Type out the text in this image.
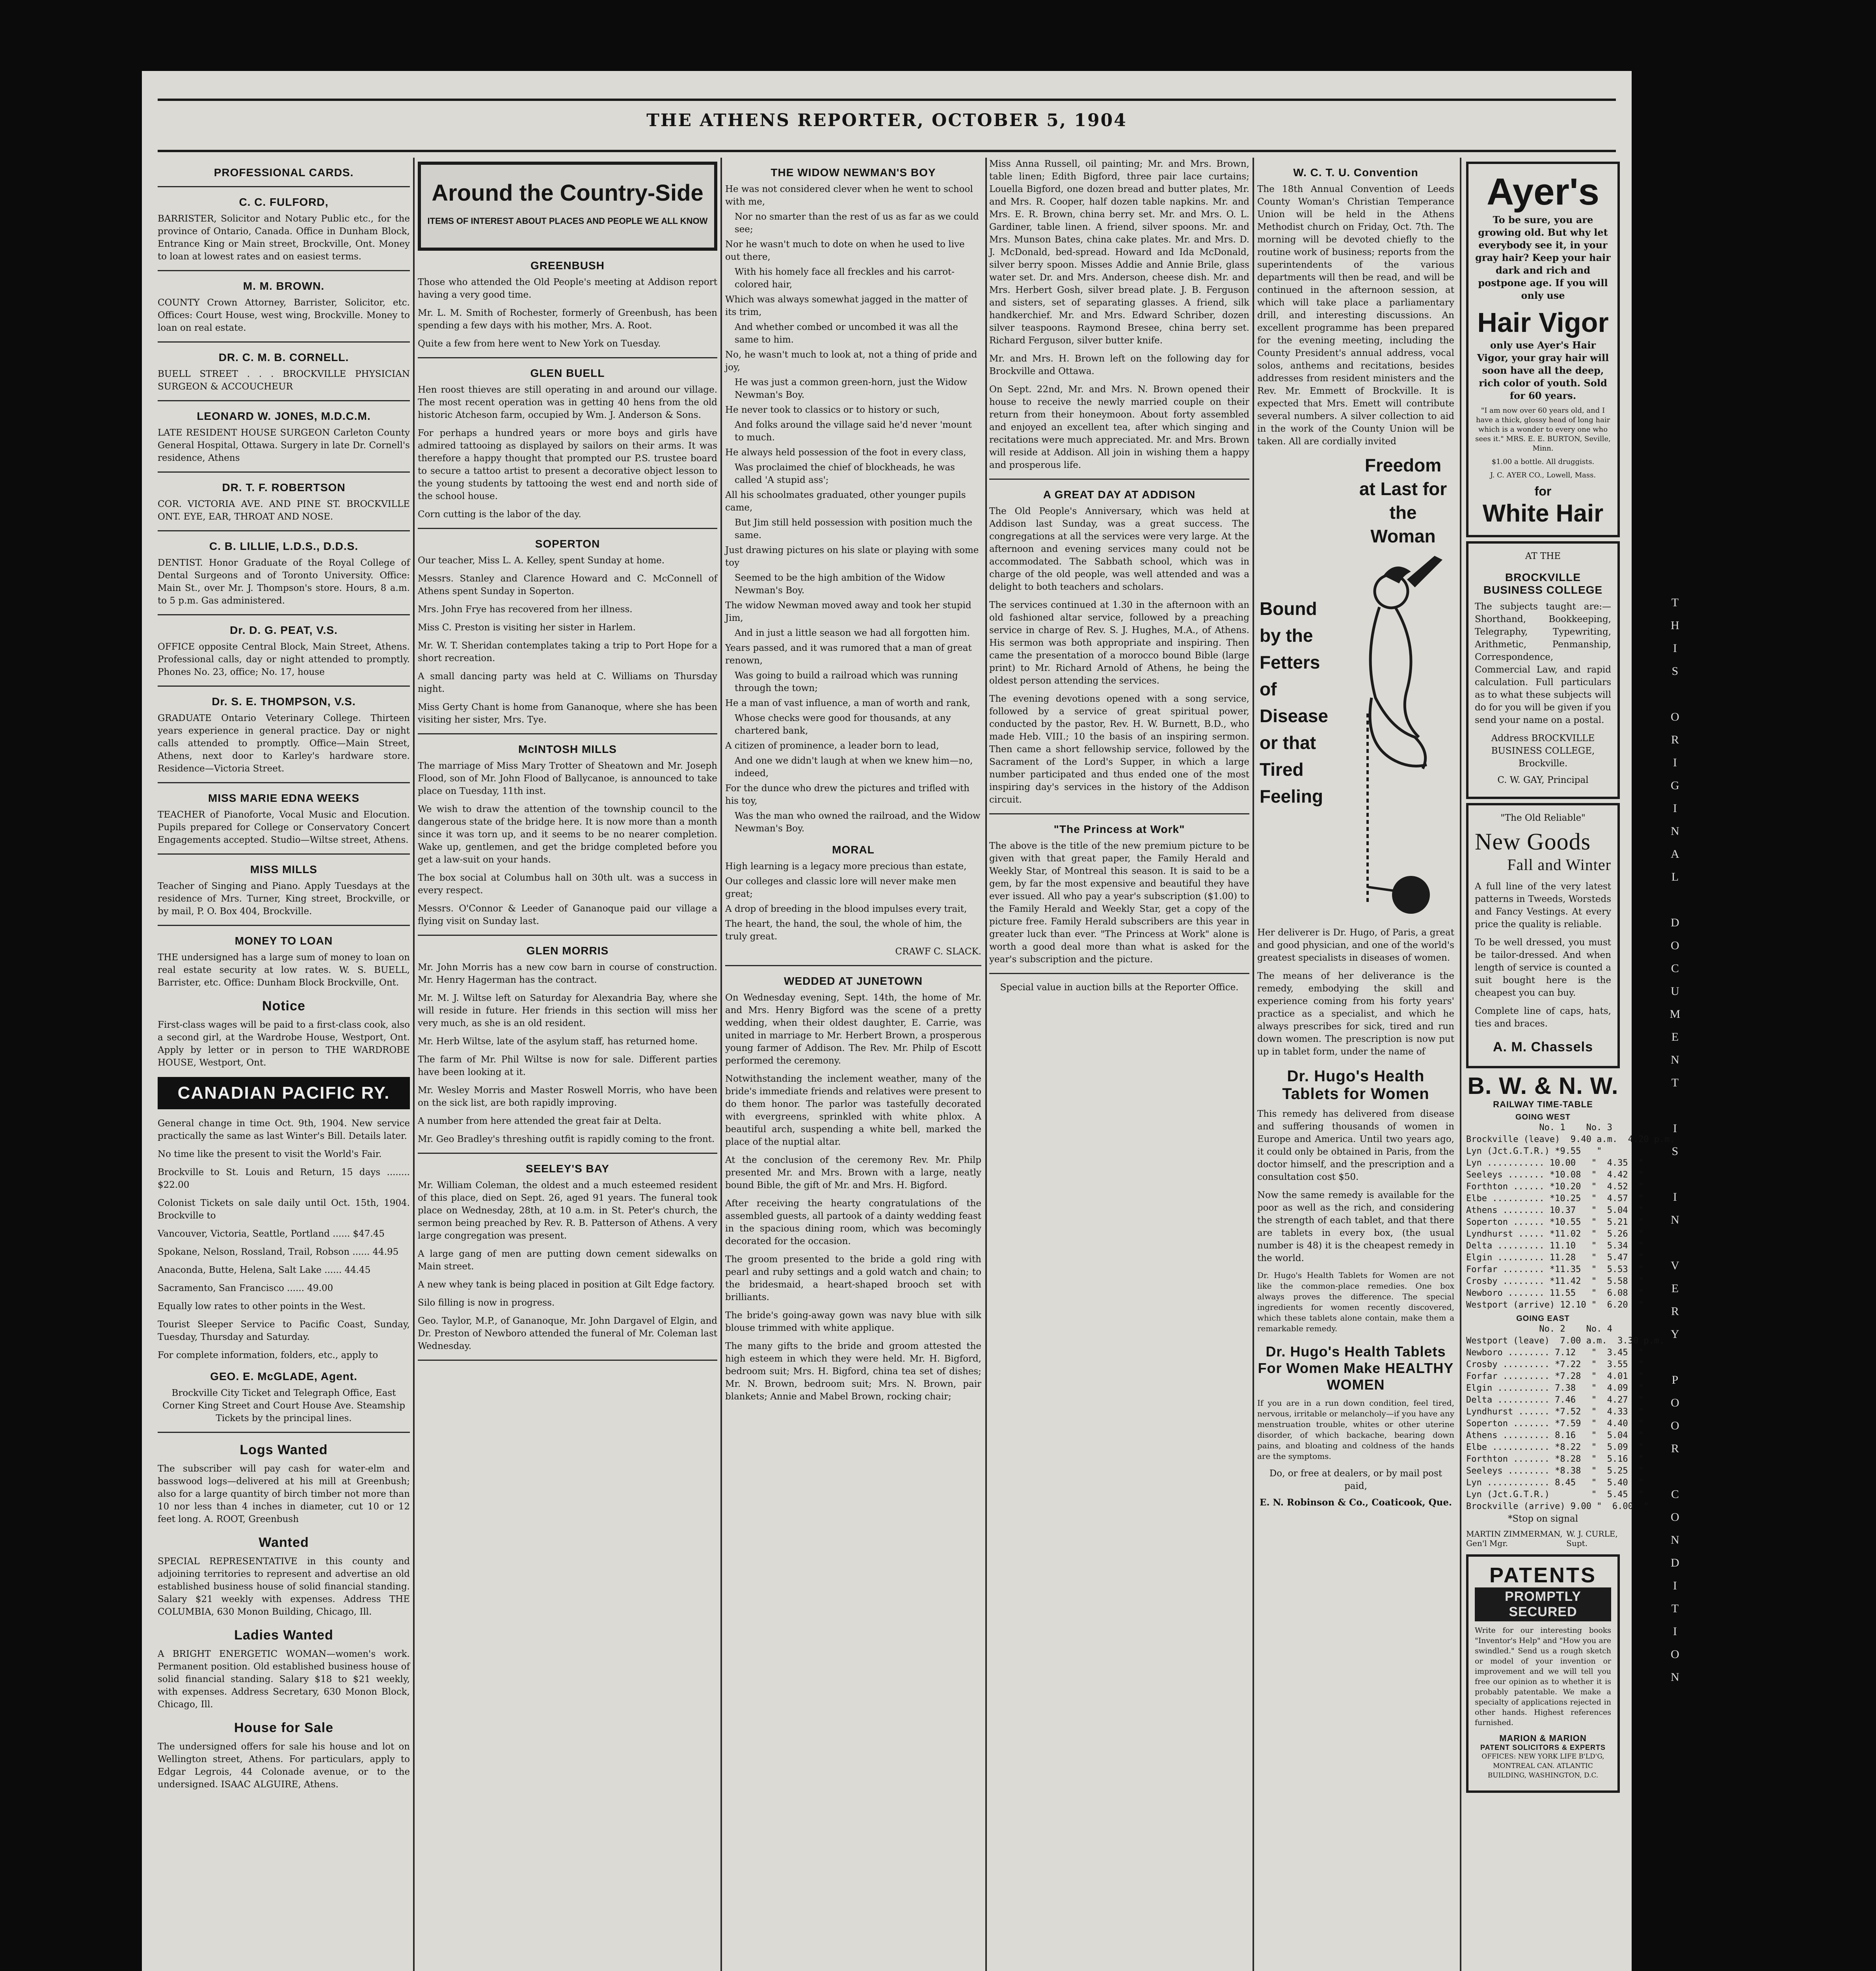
THE ATHENS REPORTER, OCTOBER 5, 1904
PROFESSIONAL CARDS.
C. C. FULFORD,

BARRISTER, Solicitor and Notary Public etc., for the province of Ontario, Canada. Office in Dunham Block, Entrance King or Main street, Brockville, Ont. Money to loan at lowest rates and on easiest terms.

M. M. BROWN.

COUNTY Crown Attorney, Barrister, Solicitor, etc. Offices: Court House, west wing, Brockville. Money to loan on real estate.

DR. C. M. B. CORNELL.

BUELL STREET . . . BROCKVILLE PHYSICIAN SURGEON & ACCOUCHEUR

LEONARD W. JONES, M.D.C.M.

LATE RESIDENT HOUSE SURGEON Carleton County General Hospital, Ottawa. Surgery in late Dr. Cornell's residence, Athens

DR. T. F. ROBERTSON

COR. VICTORIA AVE. AND PINE ST. BROCKVILLE ONT. EYE, EAR, THROAT AND NOSE.

C. B. LILLIE, L.D.S., D.D.S.

DENTIST. Honor Graduate of the Royal College of Dental Surgeons and of Toronto University. Office: Main St., over Mr. J. Thompson's store. Hours, 8 a.m. to 5 p.m. Gas administered.

Dr. D. G. PEAT, V.S.

OFFICE opposite Central Block, Main Street, Athens. Professional calls, day or night attended to promptly. Phones No. 23, office; No. 17, house

Dr. S. E. THOMPSON, V.S.

GRADUATE Ontario Veterinary College. Thirteen years experience in general practice. Day or night calls attended to promptly. Office—Main Street, Athens, next door to Karley's hardware store. Residence—Victoria Street.

MISS MARIE EDNA WEEKS

TEACHER of Pianoforte, Vocal Music and Elocution. Pupils prepared for College or Conservatory Concert Engagements accepted. Studio—Wiltse street, Athens.

MISS MILLS

Teacher of Singing and Piano. Apply Tuesdays at the residence of Mrs. Turner, King street, Brockville, or by mail, P. O. Box 404, Brockville.

MONEY TO LOAN

THE undersigned has a large sum of money to loan on real estate security at low rates. W. S. BUELL, Barrister, etc. Office: Dunham Block Brockville, Ont.

Notice

First-class wages will be paid to a first-class cook, also a second girl, at the Wardrobe House, Westport, Ont. Apply by letter or in person to THE WARDROBE HOUSE, Westport, Ont.

CANADIAN PACIFIC RY.

General change in time Oct. 9th, 1904. New service practically the same as last Winter's Bill. Details later.

No time like the present to visit the World's Fair.

Brockville to St. Louis and Return, 15 days ........ $22.00

Colonist Tickets on sale daily until Oct. 15th, 1904. Brockville to

Vancouver, Victoria, Seattle, Portland ...... $47.45

Spokane, Nelson, Rossland, Trail, Robson ...... 44.95

Anaconda, Butte, Helena, Salt Lake ...... 44.45

Sacramento, San Francisco ...... 49.00

Equally low rates to other points in the West.

Tourist Sleeper Service to Pacific Coast, Sunday, Tuesday, Thursday and Saturday.

For complete information, folders, etc., apply to

GEO. E. McGLADE, Agent.

Brockville City Ticket and Telegraph Office, East Corner King Street and Court House Ave. Steamship Tickets by the principal lines.

Logs Wanted

The subscriber will pay cash for water-elm and basswood logs—delivered at his mill at Greenbush; also for a large quantity of birch timber not more than 10 nor less than 4 inches in diameter, cut 10 or 12 feet long. A. ROOT, Greenbush

Wanted

SPECIAL REPRESENTATIVE in this county and adjoining territories to represent and advertise an old established business house of solid financial standing. Salary $21 weekly with expenses. Address THE COLUMBIA, 630 Monon Building, Chicago, Ill.

Ladies Wanted

A BRIGHT ENERGETIC WOMAN—women's work. Permanent position. Old established business house of solid financial standing. Salary $18 to $21 weekly, with expenses. Address Secretary, 630 Monon Block, Chicago, Ill.

House for Sale

The undersigned offers for sale his house and lot on Wellington street, Athens. For particulars, apply to Edgar Legrois, 44 Colonade avenue, or to the undersigned. ISAAC ALGUIRE, Athens.

Around the Country-Side
ITEMS OF INTEREST ABOUT PLACES AND PEOPLE WE ALL KNOW
GREENBUSH

Those who attended the Old People's meeting at Addison report having a very good time.

Mr. L. M. Smith of Rochester, formerly of Greenbush, has been spending a few days with his mother, Mrs. A. Root.

Quite a few from here went to New York on Tuesday.

GLEN BUELL

Hen roost thieves are still operating in and around our village. The most recent operation was in getting 40 hens from the old historic Atcheson farm, occupied by Wm. J. Anderson & Sons.

For perhaps a hundred years or more boys and girls have admired tattooing as displayed by sailors on their arms. It was therefore a happy thought that prompted our P.S. trustee board to secure a tattoo artist to present a decorative object lesson to the young students by tattooing the west end and north side of the school house.

Corn cutting is the labor of the day.

SOPERTON

Our teacher, Miss L. A. Kelley, spent Sunday at home.

Messrs. Stanley and Clarence Howard and C. McConnell of Athens spent Sunday in Soperton.

Mrs. John Frye has recovered from her illness.

Miss C. Preston is visiting her sister in Harlem.

Mr. W. T. Sheridan contemplates taking a trip to Port Hope for a short recreation.

A small dancing party was held at C. Williams on Thursday night.

Miss Gerty Chant is home from Gananoque, where she has been visiting her sister, Mrs. Tye.

McINTOSH MILLS

The marriage of Miss Mary Trotter of Sheatown and Mr. Joseph Flood, son of Mr. John Flood of Ballycanoe, is announced to take place on Tuesday, 11th inst.

We wish to draw the attention of the township council to the dangerous state of the bridge here. It is now more than a month since it was torn up, and it seems to be no nearer completion. Wake up, gentlemen, and get the bridge completed before you get a law-suit on your hands.

The box social at Columbus hall on 30th ult. was a success in every respect.

Messrs. O'Connor & Leeder of Gananoque paid our village a flying visit on Sunday last.

GLEN MORRIS

Mr. John Morris has a new cow barn in course of construction. Mr. Henry Hagerman has the contract.

Mr. M. J. Wiltse left on Saturday for Alexandria Bay, where she will reside in future. Her friends in this section will miss her very much, as she is an old resident.

Mr. Herb Wiltse, late of the asylum staff, has returned home.

The farm of Mr. Phil Wiltse is now for sale. Different parties have been looking at it.

Mr. Wesley Morris and Master Roswell Morris, who have been on the sick list, are both rapidly improving.

A number from here attended the great fair at Delta.

Mr. Geo Bradley's threshing outfit is rapidly coming to the front.

SEELEY'S BAY

Mr. William Coleman, the oldest and a much esteemed resident of this place, died on Sept. 26, aged 91 years. The funeral took place on Wednesday, 28th, at 10 a.m. in St. Peter's church, the sermon being preached by Rev. R. B. Patterson of Athens. A very large congregation was present.

A large gang of men are putting down cement sidewalks on Main street.

A new whey tank is being placed in position at Gilt Edge factory.

Silo filling is now in progress.

Geo. Taylor, M.P., of Gananoque, Mr. John Dargavel of Elgin, and Dr. Preston of Newboro attended the funeral of Mr. Coleman last Wednesday.

THE WIDOW NEWMAN'S BOY

He was not considered clever when he went to school with me,

Nor no smarter than the rest of us as far as we could see;

Nor he wasn't much to dote on when he used to live out there,

With his homely face all freckles and his carrot-colored hair,

Which was always somewhat jagged in the matter of its trim,

And whether combed or uncombed it was all the same to him.

No, he wasn't much to look at, not a thing of pride and joy,

He was just a common green-horn, just the Widow Newman's Boy.

He never took to classics or to history or such,

And folks around the village said he'd never 'mount to much.

He always held possession of the foot in every class,

Was proclaimed the chief of blockheads, he was called 'A stupid ass';

All his schoolmates graduated, other younger pupils came,

But Jim still held possession with position much the same.

Just drawing pictures on his slate or playing with some toy

Seemed to be the high ambition of the Widow Newman's Boy.

The widow Newman moved away and took her stupid Jim,

And in just a little season we had all forgotten him.

Years passed, and it was rumored that a man of great renown,

Was going to build a railroad which was running through the town;

He a man of vast influence, a man of worth and rank,

Whose checks were good for thousands, at any chartered bank,

A citizen of prominence, a leader born to lead,

And one we didn't laugh at when we knew him—no, indeed,

For the dunce who drew the pictures and trifled with his toy,

Was the man who owned the railroad, and the Widow Newman's Boy.

MORAL

High learning is a legacy more precious than estate,

Our colleges and classic lore will never make men great;

A drop of breeding in the blood impulses every trait,

The heart, the hand, the soul, the whole of him, the truly great.

CRAWF C. SLACK.

WEDDED AT JUNETOWN

On Wednesday evening, Sept. 14th, the home of Mr. and Mrs. Henry Bigford was the scene of a pretty wedding, when their oldest daughter, E. Carrie, was united in marriage to Mr. Herbert Brown, a prosperous young farmer of Addison. The Rev. Mr. Philp of Escott performed the ceremony.

Notwithstanding the inclement weather, many of the bride's immediate friends and relatives were present to do them honor. The parlor was tastefully decorated with evergreens, sprinkled with white phlox. A beautiful arch, suspending a white bell, marked the place of the nuptial altar.

At the conclusion of the ceremony Rev. Mr. Philp presented Mr. and Mrs. Brown with a large, neatly bound Bible, the gift of Mr. and Mrs. H. Bigford.

After receiving the hearty congratulations of the assembled guests, all partook of a dainty wedding feast in the spacious dining room, which was becomingly decorated for the occasion.

The groom presented to the bride a gold ring with pearl and ruby settings and a gold watch and chain; to the bridesmaid, a heart-shaped brooch set with brilliants.

The bride's going-away gown was navy blue with silk blouse trimmed with white applique.

The many gifts to the bride and groom attested the high esteem in which they were held. Mr. H. Bigford, bedroom suit; Mrs. H. Bigford, china tea set of dishes; Mr. N. Brown, bedroom suit; Mrs. N. Brown, pair blankets; Annie and Mabel Brown, rocking chair;

Miss Anna Russell, oil painting; Mr. and Mrs. Brown, table linen; Edith Bigford, three pair lace curtains; Louella Bigford, one dozen bread and butter plates, Mr. and Mrs. R. Cooper, half dozen table napkins. Mr. and Mrs. E. R. Brown, china berry set. Mr. and Mrs. O. L. Gardiner, table linen. A friend, silver spoons. Mr. and Mrs. Munson Bates, china cake plates. Mr. and Mrs. D. J. McDonald, bed-spread. Howard and Ida McDonald, silver berry spoon. Misses Addie and Annie Brile, glass water set. Dr. and Mrs. Anderson, cheese dish. Mr. and Mrs. Herbert Gosh, silver bread plate. J. B. Ferguson and sisters, set of separating glasses. A friend, silk handkerchief. Mr. and Mrs. Edward Schriber, dozen silver teaspoons. Raymond Bresee, china berry set. Richard Ferguson, silver butter knife.

Mr. and Mrs. H. Brown left on the following day for Brockville and Ottawa.

On Sept. 22nd, Mr. and Mrs. N. Brown opened their house to receive the newly married couple on their return from their honeymoon. About forty assembled and enjoyed an excellent tea, after which singing and recitations were much appreciated. Mr. and Mrs. Brown will reside at Addison. All join in wishing them a happy and prosperous life.

A GREAT DAY AT ADDISON

The Old People's Anniversary, which was held at Addison last Sunday, was a great success. The congregations at all the services were very large. At the afternoon and evening services many could not be accommodated. The Sabbath school, which was in charge of the old people, was well attended and was a delight to both teachers and scholars.

The services continued at 1.30 in the afternoon with an old fashioned altar service, followed by a preaching service in charge of Rev. S. J. Hughes, M.A., of Athens. His sermon was both appropriate and inspiring. Then came the presentation of a morocco bound Bible (large print) to Mr. Richard Arnold of Athens, he being the oldest person attending the services.

The evening devotions opened with a song service, followed by a service of great spiritual power, conducted by the pastor, Rev. H. W. Burnett, B.D., who made Heb. VIII.; 10 the basis of an inspiring sermon. Then came a short fellowship service, followed by the Sacrament of the Lord's Supper, in which a large number participated and thus ended one of the most inspiring day's services in the history of the Addison circuit.

"The Princess at Work"

The above is the title of the new premium picture to be given with that great paper, the Family Herald and Weekly Star, of Montreal this season. It is said to be a gem, by far the most expensive and beautiful they have ever issued. All who pay a year's subscription ($1.00) to the Family Herald and Weekly Star, get a copy of the picture free. Family Herald subscribers are this year in greater luck than ever. "The Princess at Work" alone is worth a good deal more than what is asked for the year's subscription and the picture.

Special value in auction bills at the Reporter Office.

W. C. T. U. Convention

The 18th Annual Convention of Leeds County Woman's Christian Temperance Union will be held in the Athens Methodist church on Friday, Oct. 7th. The morning will be devoted chiefly to the routine work of business; reports from the superintendents of the various departments will then be read, and will be continued in the afternoon session, at which will take place a parliamentary drill, and interesting discussions. An excellent programme has been prepared for the evening meeting, including the County President's annual address, vocal solos, anthems and recitations, besides addresses from resident ministers and the Rev. Mr. Emmett of Brockville. It is expected that Mrs. Emett will contribute several numbers. A silver collection to aid in the work of the County Union will be taken. All are cordially invited

Freedom at Last for the Woman
Bound by the Fetters of Disease or that Tired Feeling

Her deliverer is Dr. Hugo, of Paris, a great and good physician, and one of the world's greatest specialists in diseases of women.

The means of her deliverance is the remedy, embodying the skill and experience coming from his forty years' practice as a specialist, and which he always prescribes for sick, tired and run down women. The prescription is now put up in tablet form, under the name of

Dr. Hugo's Health Tablets for Women

This remedy has delivered from disease and suffering thousands of women in Europe and America. Until two years ago, it could only be obtained in Paris, from the doctor himself, and the prescription and a consultation cost $50.

Now the same remedy is available for the poor as well as the rich, and considering the strength of each tablet, and that there are tablets in every box, (the usual number is 48) it is the cheapest remedy in the world.

Dr. Hugo's Health Tablets for Women are not like the common-place remedies. One box always proves the difference. The special ingredients for women recently discovered, which these tablets alone contain, make them a remarkable remedy.

Dr. Hugo's Health Tablets For Women Make HEALTHY WOMEN

If you are in a run down condition, feel tired, nervous, irritable or melancholy—if you have any menstruation trouble, whites or other uterine disorder, of which backache, bearing down pains, and bloating and coldness of the hands are the symptoms.

Do, or free at dealers, or by mail post paid,

E. N. Robinson & Co., Coaticook, Que.

Ayer's

To be sure, you are growing old. But why let everybody see it, in your gray hair? Keep your hair dark and rich and postpone age. If you will only use

Hair Vigor

only use Ayer's Hair Vigor, your gray hair will soon have all the deep, rich color of youth. Sold for 60 years.

"I am now over 60 years old, and I have a thick, glossy head of long hair which is a wonder to every one who sees it." MRS. E. E. BURTON, Seville, Minn.

$1.00 a bottle. All druggists.

J. C. AYER CO., Lowell, Mass.

for
White Hair

AT THE

BROCKVILLE BUSINESS COLLEGE

The subjects taught are:—Shorthand, Bookkeeping, Telegraphy, Typewriting, Arithmetic, Penmanship, Correspondence, Commercial Law, and rapid calculation. Full particulars as to what these subjects will do for you will be given if you send your name on a postal.

Address BROCKVILLE BUSINESS COLLEGE, Brockville.

C. W. GAY, Principal

"The Old Reliable"

New Goods
Fall and Winter

A full line of the very latest patterns in Tweeds, Worsteds and Fancy Vestings. At every price the quality is reliable.

To be well dressed, you must be tailor-dressed. And when length of service is counted a suit bought here is the cheapest you can buy.

Complete line of caps, hats, ties and braces.

A. M. Chassels
B. W. & N. W.
RAILWAY TIME-TABLE
GOING WEST
No. 1    No. 3
Brockville (leave)  9.40 a.m.  4.20 p.m.
Lyn (Jct.G.T.R.) *9.55   "
Lyn ........... 10.00   "  4.35  "
Seeleys ....... *10.08  "  4.42  "
Forthton ...... *10.20  "  4.52  "
Elbe .......... *10.25  "  4.57  "
Athens ........ 10.37   "  5.04  "
Soperton ...... *10.55  "  5.21  "
Lyndhurst ..... *11.02  "  5.26  "
Delta ......... 11.10   "  5.34  "
Elgin ......... 11.28   "  5.47  "
Forfar ........ *11.35  "  5.53  "
Crosby ........ *11.42  "  5.58  "
Newboro ....... 11.55   "  6.08  "
Westport (arrive) 12.10 "  6.20  "
GOING EAST
No. 2    No. 4
Westport (leave)  7.00 a.m.  3.30 p.m.
Newboro ........ 7.12   "  3.45  "
Crosby ......... *7.22  "  3.55  "
Forfar ......... *7.28  "  4.01  "
Elgin .......... 7.38   "  4.09  "
Delta .......... 7.46   "  4.27  "
Lyndhurst ...... *7.52  "  4.33  "
Soperton ....... *7.59  "  4.40  "
Athens ......... 8.16   "  5.04  "
Elbe ........... *8.22  "  5.09  "
Forthton ....... *8.28  "  5.16  "
Seeleys ........ *8.38  "  5.25  "
Lyn ............ 8.45   "  5.40  "
Lyn (Jct.G.T.R.)        "  5.45  "
Brockville (arrive) 9.00 "  6.00  "

*Stop on signal

MARTIN ZIMMERMAN, Gen'l Mgr.
W. J. CURLE, Supt.
PATENTS
PROMPTLY SECURED

Write for our interesting books "Inventor's Help" and "How you are swindled." Send us a rough sketch or model of your invention or improvement and we will tell you free our opinion as to whether it is probably patentable. We make a specialty of applications rejected in other hands. Highest references furnished.

MARION & MARION
PATENT SOLICITORS & EXPERTS

OFFICES: NEW YORK LIFE B'LD'G, MONTREAL CAN. ATLANTIC BUILDING, WASHINGTON, D.C.

T
H
I
S
O
R
I
G
I
N
A
L
D
O
C
U
M
E
N
T
I
S
I
N
V
E
R
Y
P
O
O
R
C
O
N
D
I
T
I
O
N
